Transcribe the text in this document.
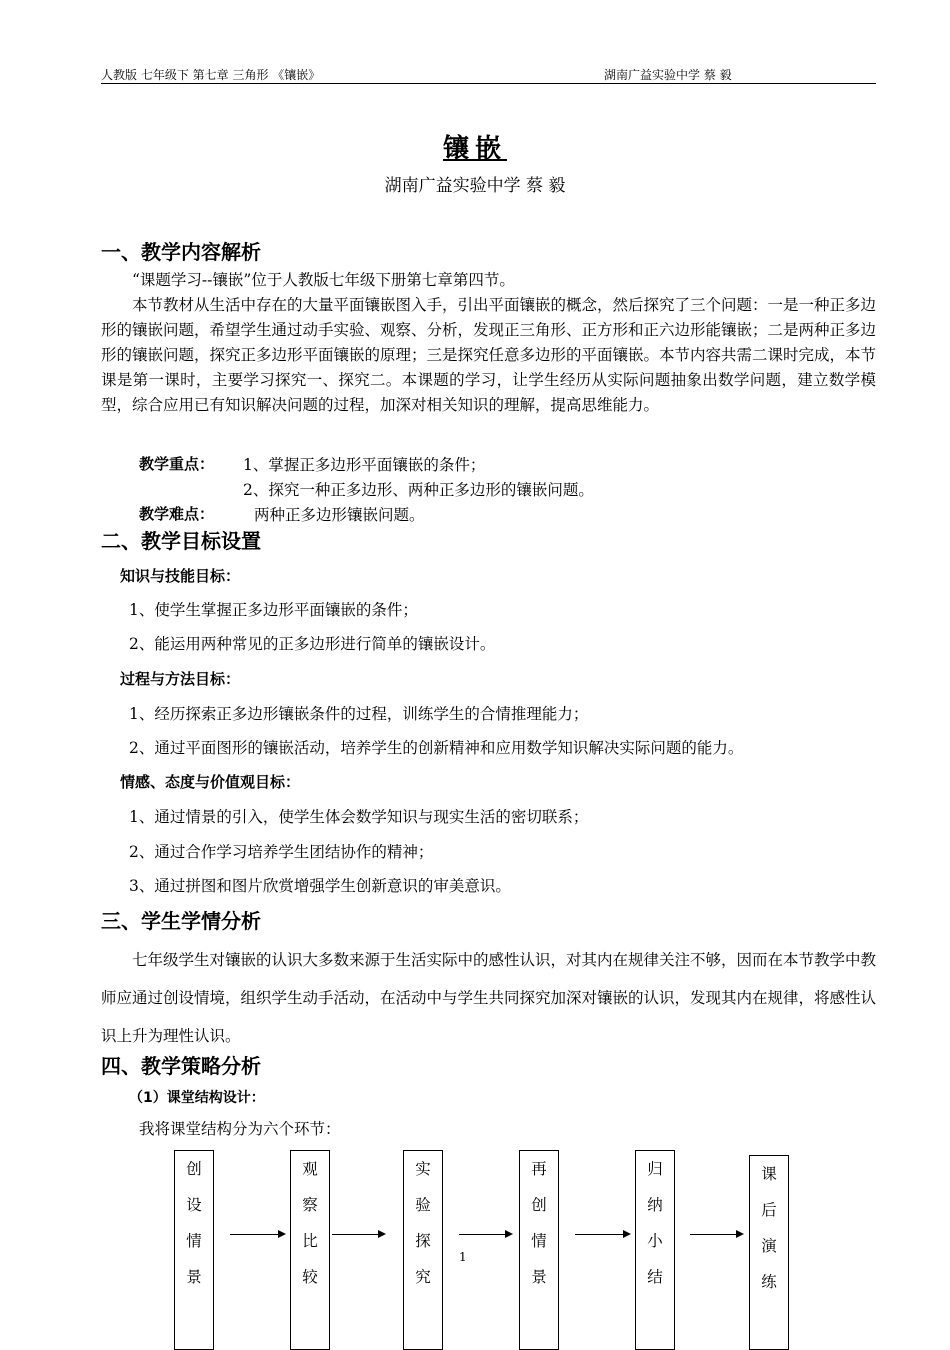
人教版 七年级下 第七章 三角形 《镶嵌》	湖南广益实验中学 蔡 毅
镶嵌
湖南广益实验中学 蔡 毅
一、教学内容解析

“课题学习--镶嵌”位于人教版七年级下册第七章第四节。

本节教材从生活中存在的大量平面镶嵌图入手，引出平面镶嵌的概念，然后探究了三个问题：一是一种正多边形的镶嵌问题，希望学生通过动手实验、观察、分析，发现正三角形、正方形和正六边形能镶嵌；二是两种正多边形的镶嵌问题，探究正多边形平面镶嵌的原理；三是探究任意多边形的平面镶嵌。本节内容共需二课时完成，本节课是第一课时，主要学习探究一、探究二。本课题的学习，让学生经历从实际问题抽象出数学问题，建立数学模型，综合应用已有知识解决问题的过程，加深对相关知识的理解，提高思维能力。

教学重点： 1、掌握正多边形平面镶嵌的条件；
2、探究一种正多边形、两种正多边形的镶嵌问题。
教学难点：	两种正多边形镶嵌问题。
二、教学目标设置
知识与技能目标：
1、使学生掌握正多边形平面镶嵌的条件；
2、能运用两种常见的正多边形进行简单的镶嵌设计。
过程与方法目标：
1、经历探索正多边形镶嵌条件的过程，训练学生的合情推理能力；
2、通过平面图形的镶嵌活动，培养学生的创新精神和应用数学知识解决实际问题的能力。
情感、态度与价值观目标：
1、通过情景的引入，使学生体会数学知识与现实生活的密切联系；
2、通过合作学习培养学生团结协作的精神；
3、通过拼图和图片欣赏增强学生创新意识的审美意识。
三、学生学情分析

七年级学生对镶嵌的认识大多数来源于生活实际中的感性认识，对其内在规律关注不够，因而在本节教学中教师应通过创设情境，组织学生动手活动，在活动中与学生共同探究加深对镶嵌的认识，发现其内在规律，将感性认识上升为理性认识。

四、教学策略分析
（1）课堂结构设计：
我将课堂结构分为六个环节：
创
设
情
景
观
察
比
较
实
验
探
究
1
再
创
情
景
归
纳
小
结
课
后
演
练
